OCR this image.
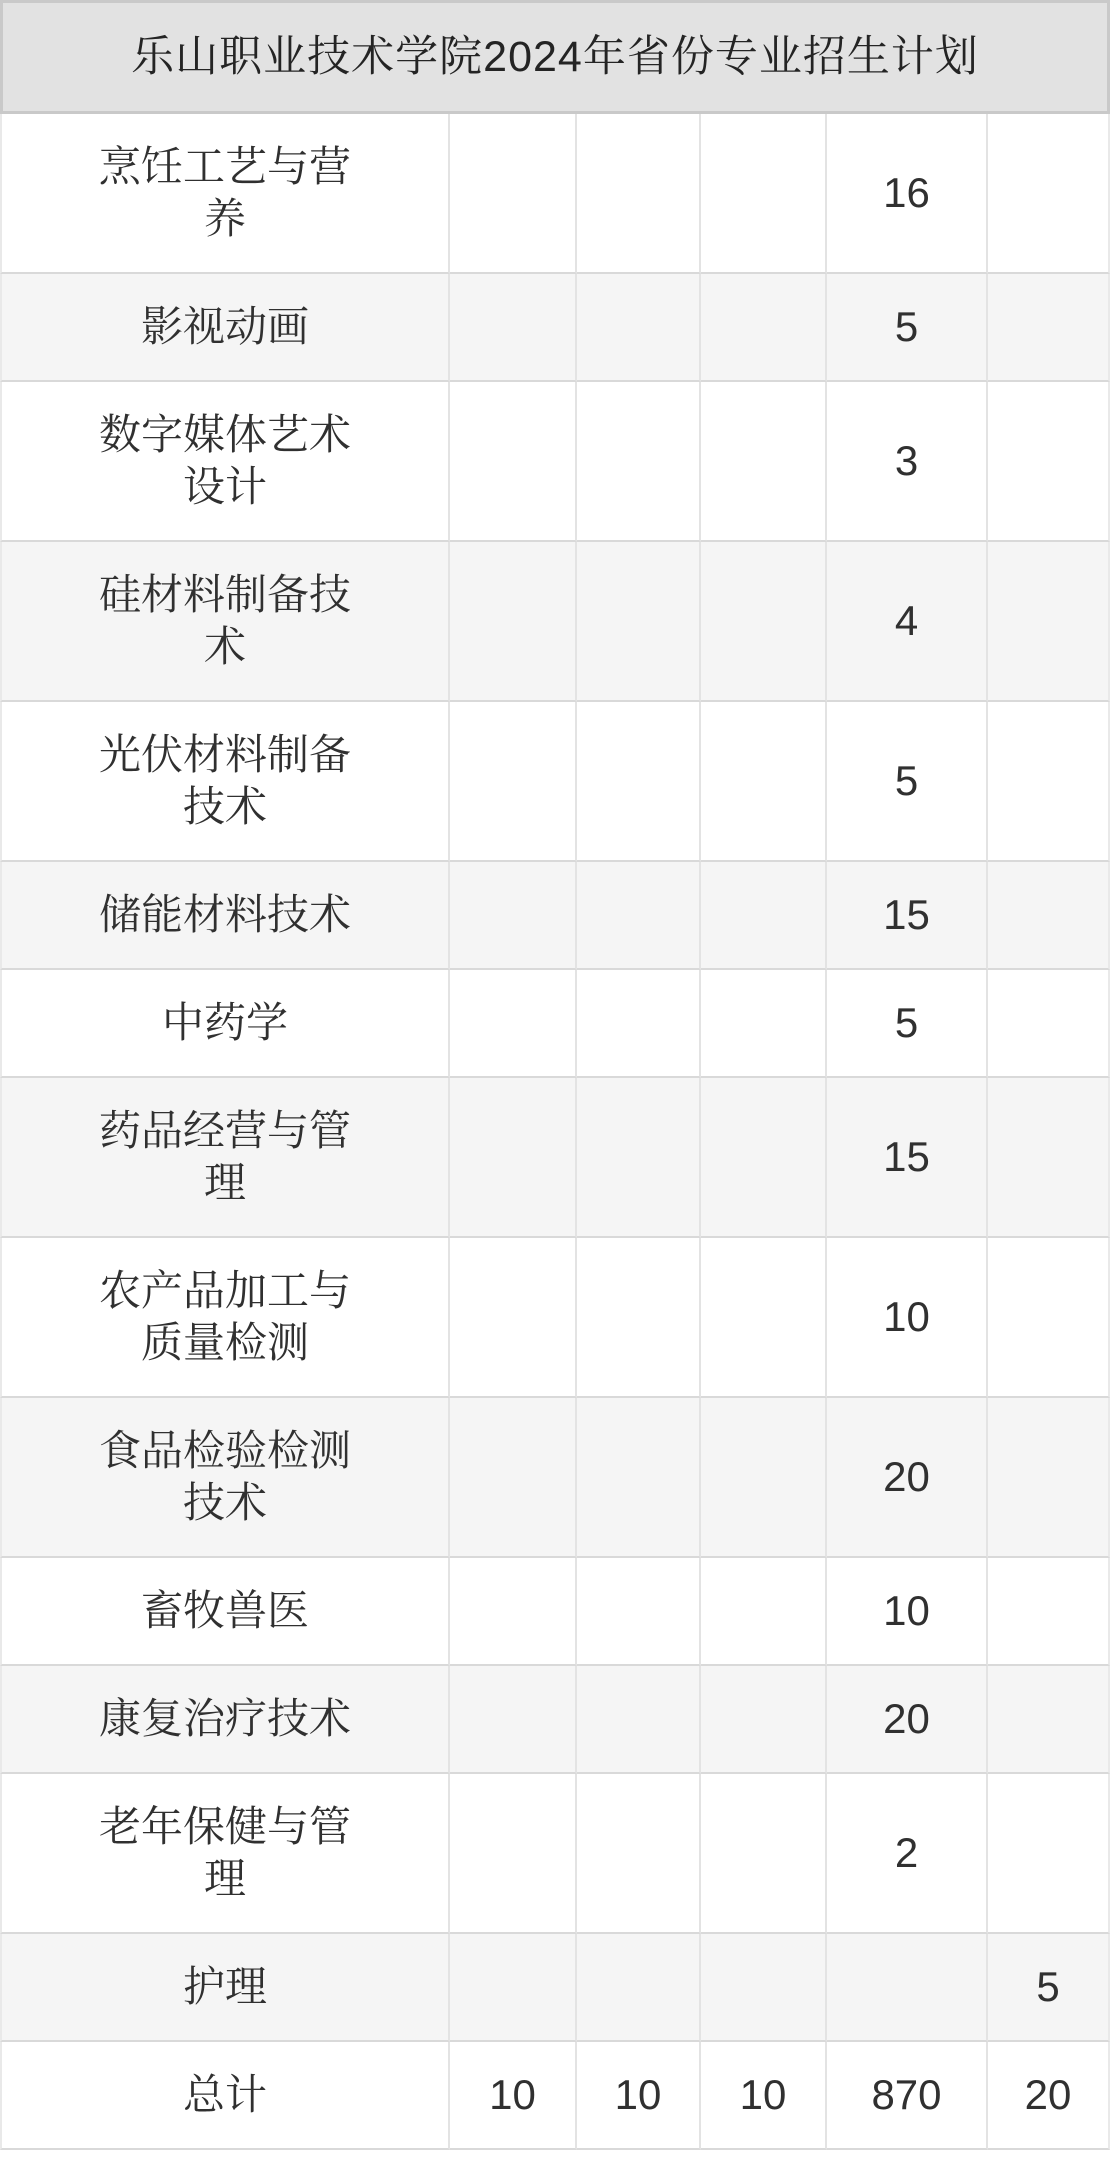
乐山职业技术学院2024年省份专业招生计划					
烹饪工艺与营养				16	
影视动画				5	
数字媒体艺术设计				3	
硅材料制备技术				4	
光伏材料制备技术				5	
储能材料技术				15	
中药学				5	
药品经营与管理				15	
农产品加工与质量检测				10	
食品检验检测技术				20	
畜牧兽医				10	
康复治疗技术				20	
老年保健与管理				2	
护理					5
总计	10	10	10	870	20
